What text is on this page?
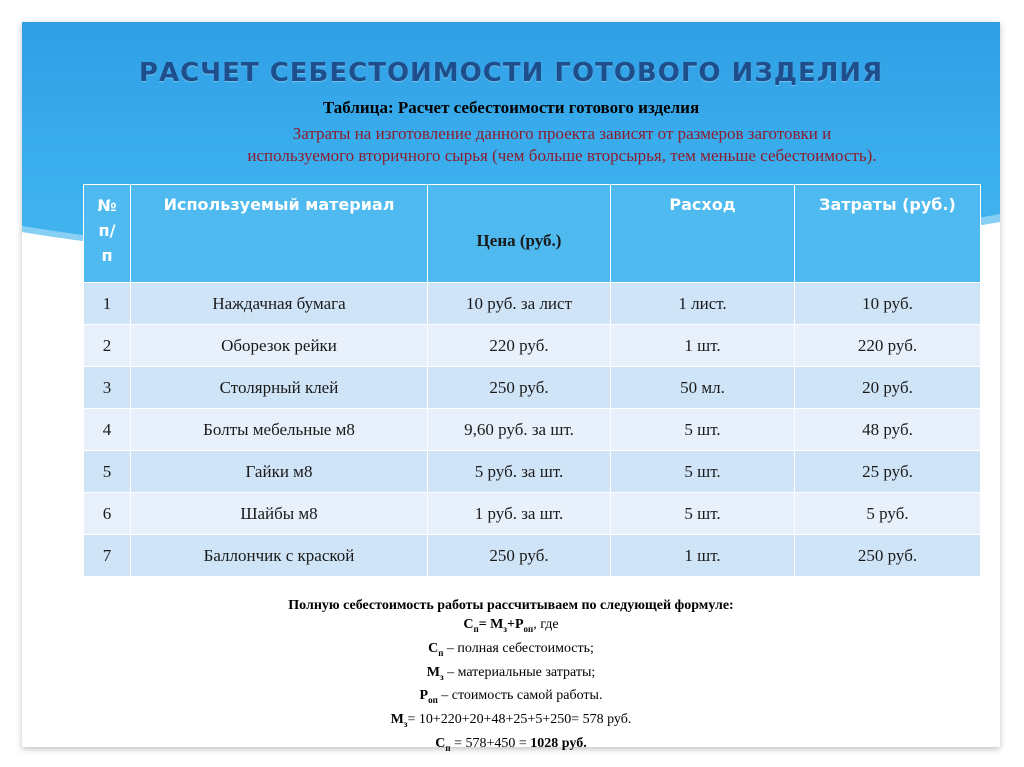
РАСЧЕТ СЕБЕСТОИМОСТИ ГОТОВОГО ИЗДЕЛИЯ
Таблица: Расчет себестоимости готового изделия
Затраты на изготовление данного проекта зависят от размеров заготовки и
используемого вторичного сырья (чем больше вторсырья, тем меньше себестоимость).
№
п/
п	Используемый материал	Цена (руб.)	Расход	Затраты (руб.)
1	Наждачная бумага	10 руб. за лист	1 лист.	10 руб.
2	Оборезок рейки	220 руб.	1 шт.	220 руб.
3	Столярный клей	250 руб.	50 мл.	20 руб.
4	Болты мебельные м8	9,60 руб. за шт.	5 шт.	48 руб.
5	Гайки м8	5 руб. за шт.	5 шт.	25 руб.
6	Шайбы м8	1 руб. за шт.	5 шт.	5 руб.
7	Баллончик с краской	250 руб.	1 шт.	250 руб.
Полную себестоимость работы рассчитываем по следующей формуле:
$С_п= М_з+Р_{оп}$, где
$С_п$ – полная себестоимость;
$М_з$ – материальные затраты;
$Р_{оп}$ – стоимость самой работы.
$М_з= 10+220+20+48+25+5+250= 578$ руб.
$С_п = 578+450 = 1028$ руб.
